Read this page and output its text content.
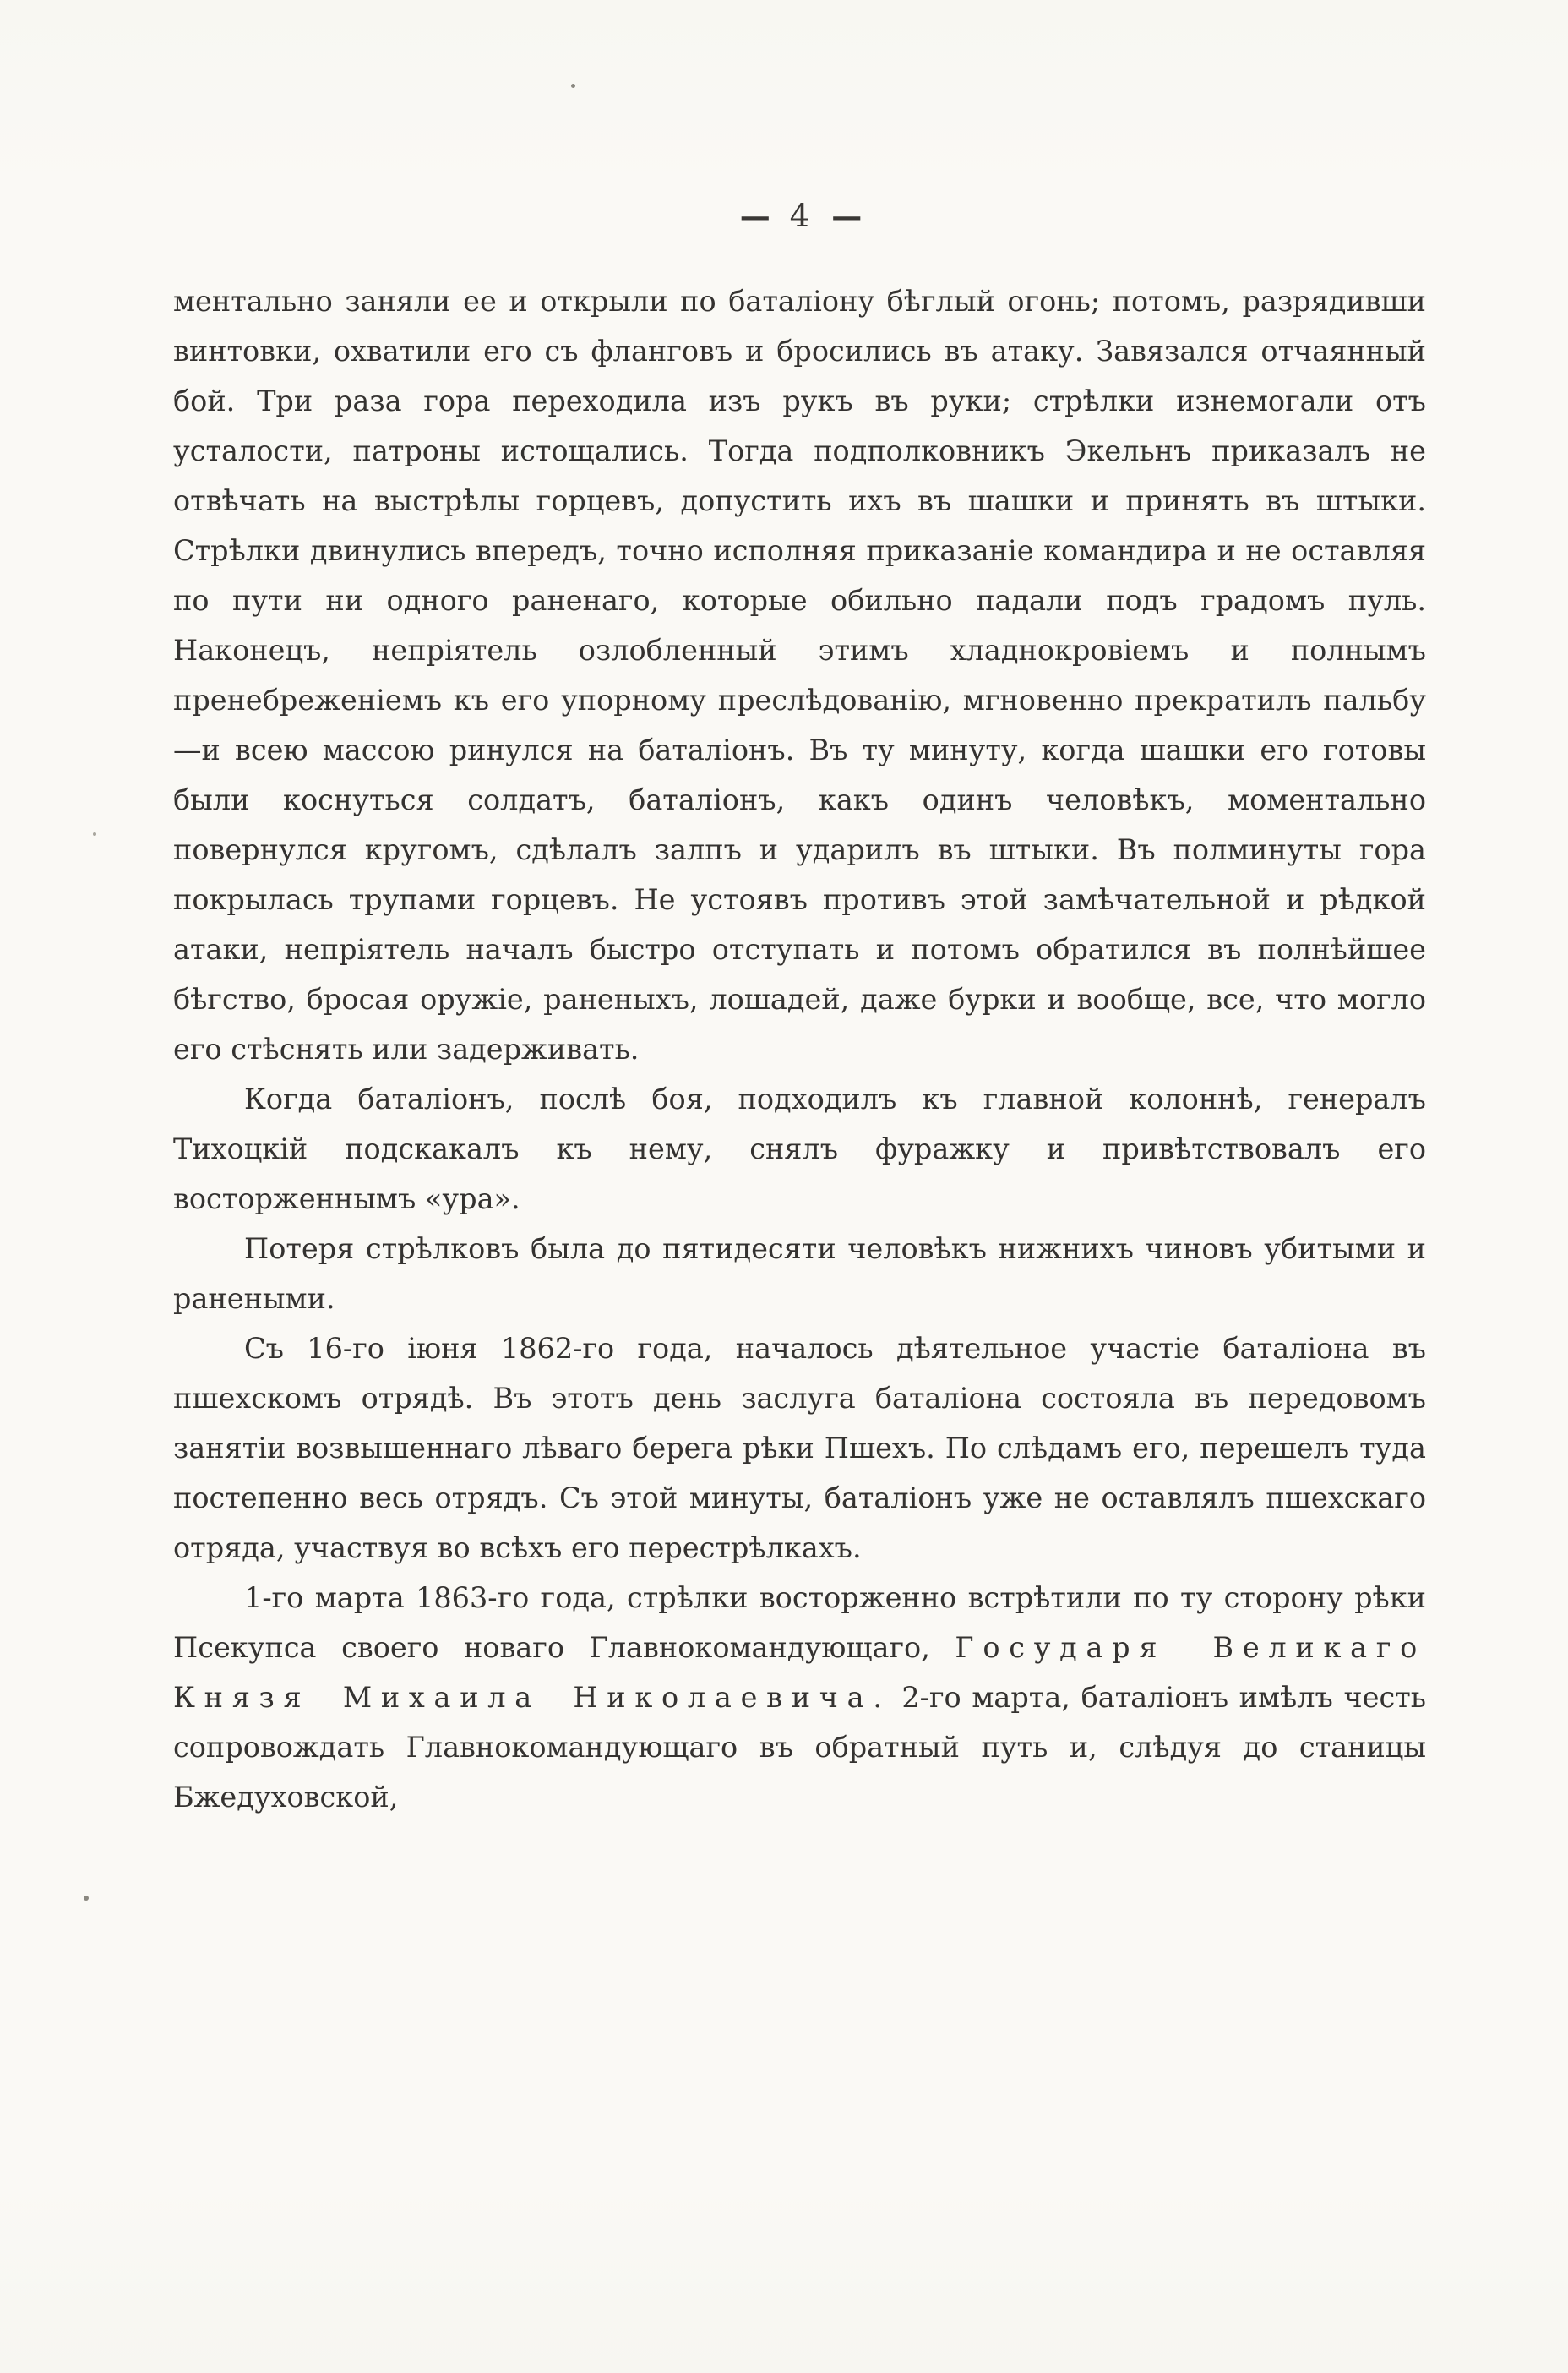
— 4 —

ментально заняли ее и открыли по баталіону бѣглый огонь; потомъ, разрядивши винтовки, охватили его съ фланговъ и бросились въ атаку. Завязался отчаянный бой. Три раза гора переходила изъ рукъ въ руки; стрѣлки изнемогали отъ усталости, патроны истощались. Тогда подполковникъ Экельнъ приказалъ не отвѣчать на выстрѣлы горцевъ, допустить ихъ въ шашки и принять въ штыки. Стрѣлки двинулись впередъ, точно исполняя приказаніе командира и не оставляя по пути ни одного раненаго, которые обильно падали подъ градомъ пуль. Наконецъ, непріятель озлобленный этимъ хладнокровіемъ и полнымъ пренебреженіемъ къ его упорному преслѣдованію, мгновенно прекратилъ пальбу—и всею массою ринулся на баталіонъ. Въ ту минуту, когда шашки его готовы были коснуться солдатъ, баталіонъ, какъ одинъ человѣкъ, моментально повернулся кругомъ, сдѣлалъ залпъ и ударилъ въ штыки. Въ полминуты гора покрылась трупами горцевъ. Не устоявъ противъ этой замѣчательной и рѣдкой атаки, непріятель началъ быстро отступать и потомъ обратился въ полнѣйшее бѣгство, бросая оружіе, раненыхъ, лошадей, даже бурки и вообще, все, что могло его стѣснять или задерживать.

Когда баталіонъ, послѣ боя, подходилъ къ главной колоннѣ, генералъ Тихоцкій подскакалъ къ нему, снялъ фуражку и привѣтствовалъ его восторженнымъ «ура».

Потеря стрѣлковъ была до пятидесяти человѣкъ нижнихъ чиновъ убитыми и ранеными.

Съ 16-го іюня 1862-го года, началось дѣятельное участіе баталіона въ пшехскомъ отрядѣ. Въ этотъ день заслуга баталіона состояла въ передовомъ занятіи возвышеннаго лѣваго берега рѣки Пшехъ. По слѣдамъ его, перешелъ туда постепенно весь отрядъ. Съ этой минуты, баталіонъ уже не оставлялъ пшехскаго отряда, участвуя во всѣхъ его перестрѣлкахъ.

1-го марта 1863-го года, стрѣлки восторженно встрѣтили по ту сторону рѣки Псекупса своего новаго Главнокомандующаго, Государя Великаго Князя Михаила Николаевича. 2-го марта, баталіонъ имѣлъ честь сопровождать Главнокомандующаго въ обратный путь и, слѣдуя до станицы Бжедуховской,
